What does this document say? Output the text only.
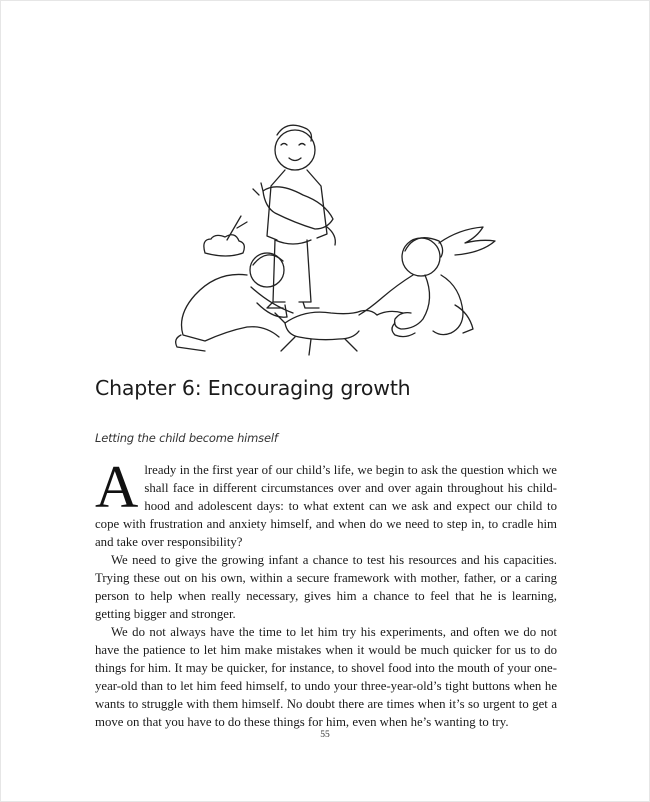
Chapter 6: Encouraging growth
Letting the child become himself

Already in the first year of our child’s life, we begin to ask the question which we shall face in different circumstances over and over again throughout his childhood and adolescent days: to what extent can we ask and expect our child to cope with frustration and anxiety himself, and when do we need to step in, to cradle him and take over responsibility?

We need to give the growing infant a chance to test his resources and his capacities. Trying these out on his own, within a secure framework with mother, father, or a caring person to help when really necessary, gives him a chance to feel that he is learning, getting bigger and stronger.

We do not always have the time to let him try his experiments, and often we do not have the patience to let him make mistakes when it would be much quicker for us to do things for him. It may be quicker, for instance, to shovel food into the mouth of your one-year-old than to let him feed himself, to undo your three-year-old’s tight buttons when he wants to struggle with them himself. No doubt there are times when it’s so urgent to get a move on that you have to do these things for him, even when he’s wanting to try.

55
